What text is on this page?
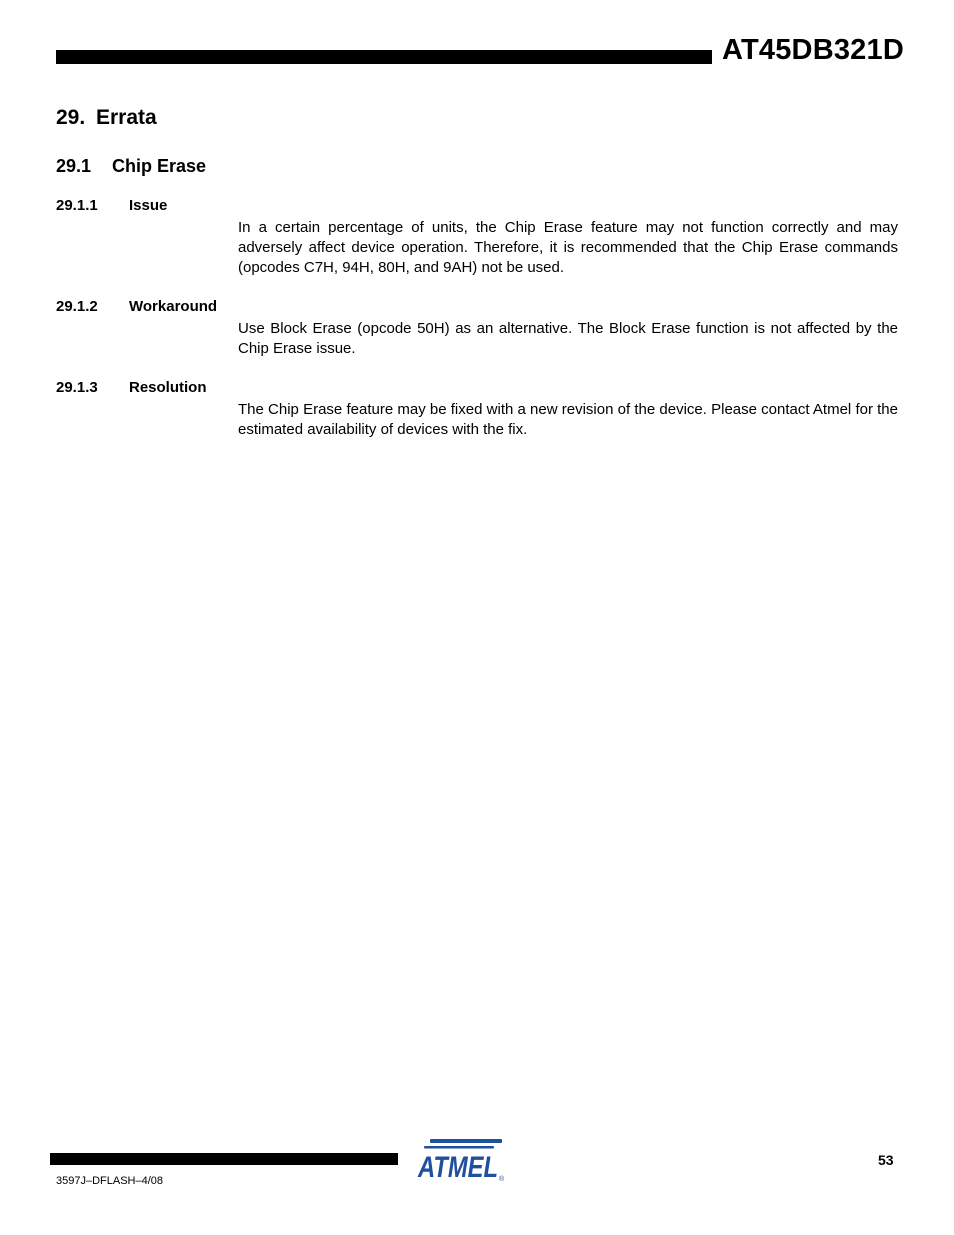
AT45DB321D
29. Errata
29.1 Chip Erase
29.1.1 Issue
In a certain percentage of units, the Chip Erase feature may not function correctly and may adversely affect device operation. Therefore, it is recommended that the Chip Erase commands (opcodes C7H, 94H, 80H, and 9AH) not be used.
29.1.2 Workaround
Use Block Erase (opcode 50H) as an alternative. The Block Erase function is not affected by the Chip Erase issue.
29.1.3 Resolution
The Chip Erase feature may be fixed with a new revision of the device. Please contact Atmel for the estimated availability of devices with the fix.
ATMEL ®
53
3597J–DFLASH–4/08
